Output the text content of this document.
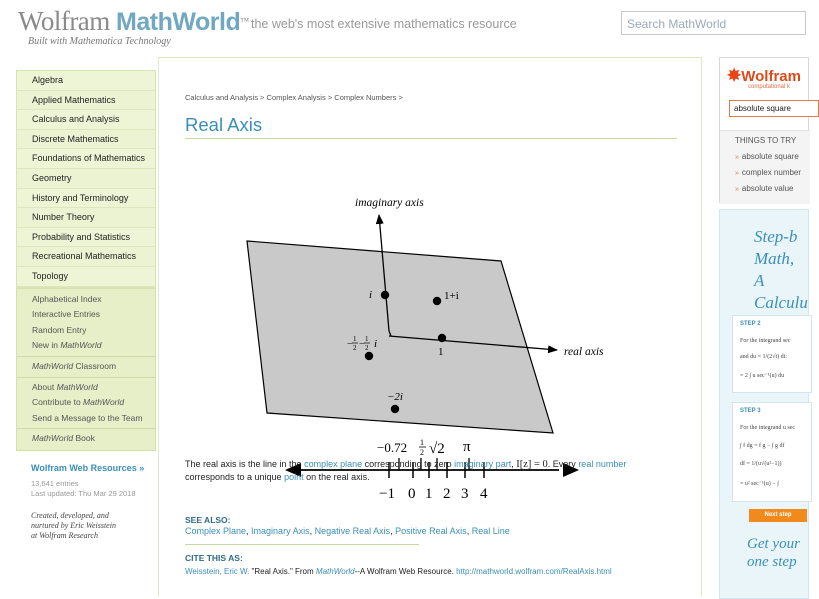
Wolfram MathWorld™
Built with Mathematica Technology
the web's most extensive mathematics resource	Search MathWorld
Algebra
Applied Mathematics
Calculus and Analysis
Discrete Mathematics
Foundations of Mathematics
Geometry
History and Terminology
Number Theory
Probability and Statistics
Recreational Mathematics
Topology
Alphabetical Index
Interactive Entries
Random Entry
New in MathWorld
MathWorld Classroom
About MathWorld
Contribute to MathWorld
Send a Message to the Team
MathWorld Book
Wolfram Web Resources »
13,641 entries
Last updated: Thu Mar 29 2018
Created, developed, and
nurtured by Eric Weisstein
at Wolfram Research
Calculus and Analysis > Complex Analysis > Complex Numbers >
Real Axis
imaginary axis
real axis
i	1+i
1
− 1
2 − 1
2 i
−2i
−0.72 1
2 √2 π
−1 0 1 2 3 4
The real axis is the line in the complex plane corresponding to zero imaginary part, I[z] = 0. Every real number corresponds to a unique point on the real axis.
SEE ALSO:
Complex Plane, Imaginary Axis, Negative Real Axis, Positive Real Axis, Real Line
CITE THIS AS:
Weisstein, Eric W. "Real Axis." From MathWorld--A Wolfram Web Resource. http://mathworld.wolfram.com/RealAxis.html
✸Wolfram
computational k
absolute square
THINGS TO TRY
» absolute square
» complex number
» absolute value
Step-b
Math, A
Calculu
STEP 2
For the integrand sec
and du = 1/(2√t) dt:
= 2 ∫ u sec⁻¹(u) du
STEP 3
For the integrand u sec
∫ f dg = f g − ∫ g df
df = 1/(u√(u²−1))
= u² sec⁻¹(u) − ∫
Next step
Get your
one step
